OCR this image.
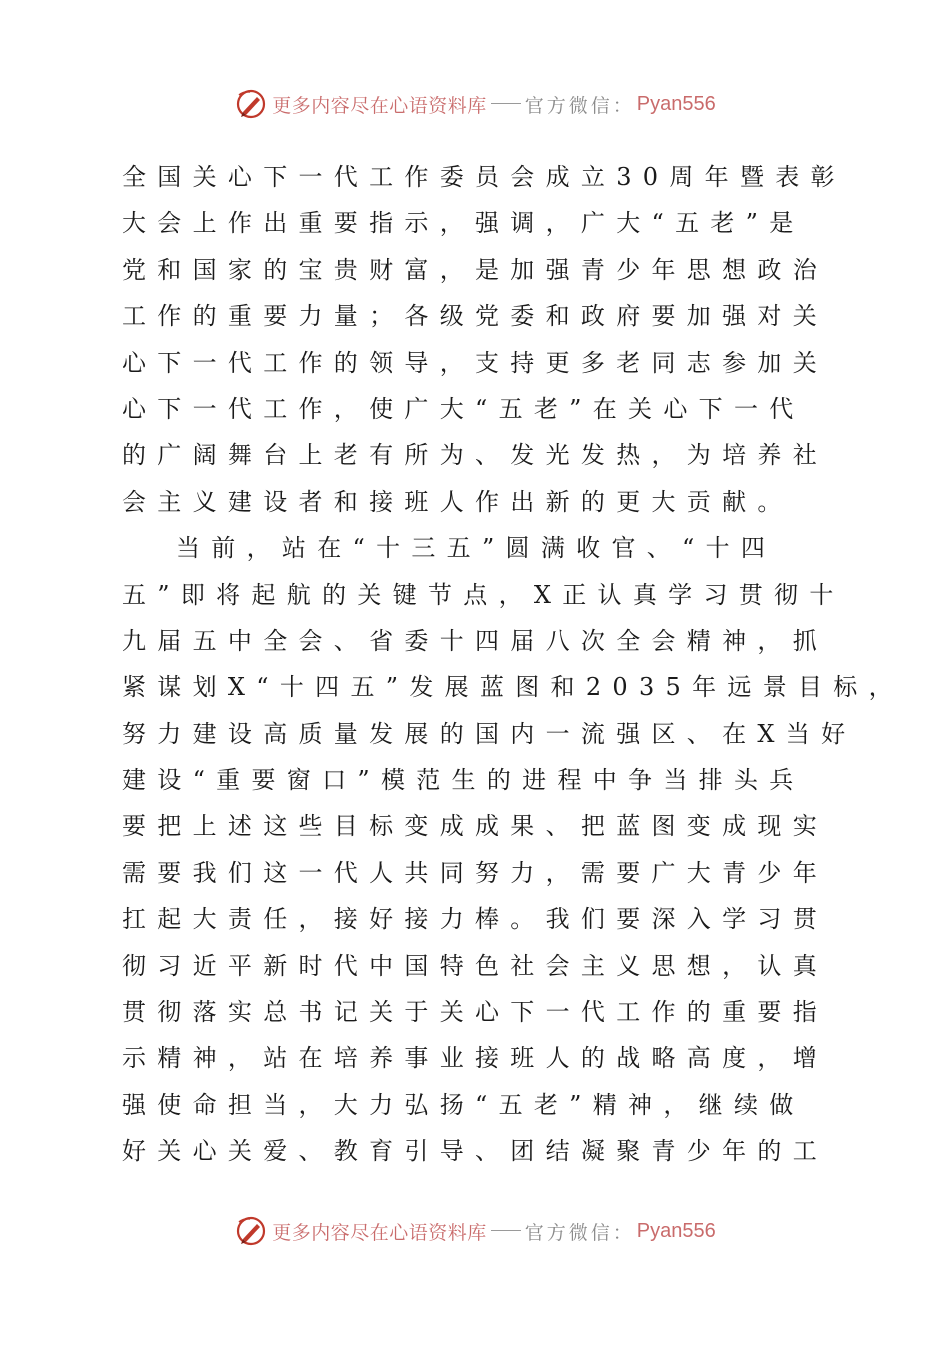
更多内容尽在心语资料库 官方微信： Pyan556
全国关心下一代工作委员会成立30周年暨表彰
大会上作出重要指示，强调，广大“五老”是
党和国家的宝贵财富，是加强青少年思想政治
工作的重要力量；各级党委和政府要加强对关
心下一代工作的领导，支持更多老同志参加关
心下一代工作，使广大“五老”在关心下一代
的广阔舞台上老有所为、发光发热，为培养社
会主义建设者和接班人作出新的更大贡献。
当前，站在“十三五”圆满收官、“十四
五”即将起航的关键节点，X正认真学习贯彻十
九届五中全会、省委十四届八次全会精神，抓
紧谋划X“十四五”发展蓝图和2035年远景目标，
努力建设高质量发展的国内一流强区、在X当好
建设“重要窗口”模范生的进程中争当排头兵
要把上述这些目标变成成果、把蓝图变成现实
需要我们这一代人共同努力，需要广大青少年
扛起大责任，接好接力棒。我们要深入学习贯
彻习近平新时代中国特色社会主义思想，认真
贯彻落实总书记关于关心下一代工作的重要指
示精神，站在培养事业接班人的战略高度，增
强使命担当，大力弘扬“五老”精神，继续做
好关心关爱、教育引导、团结凝聚青少年的工
更多内容尽在心语资料库 官方微信： Pyan556
